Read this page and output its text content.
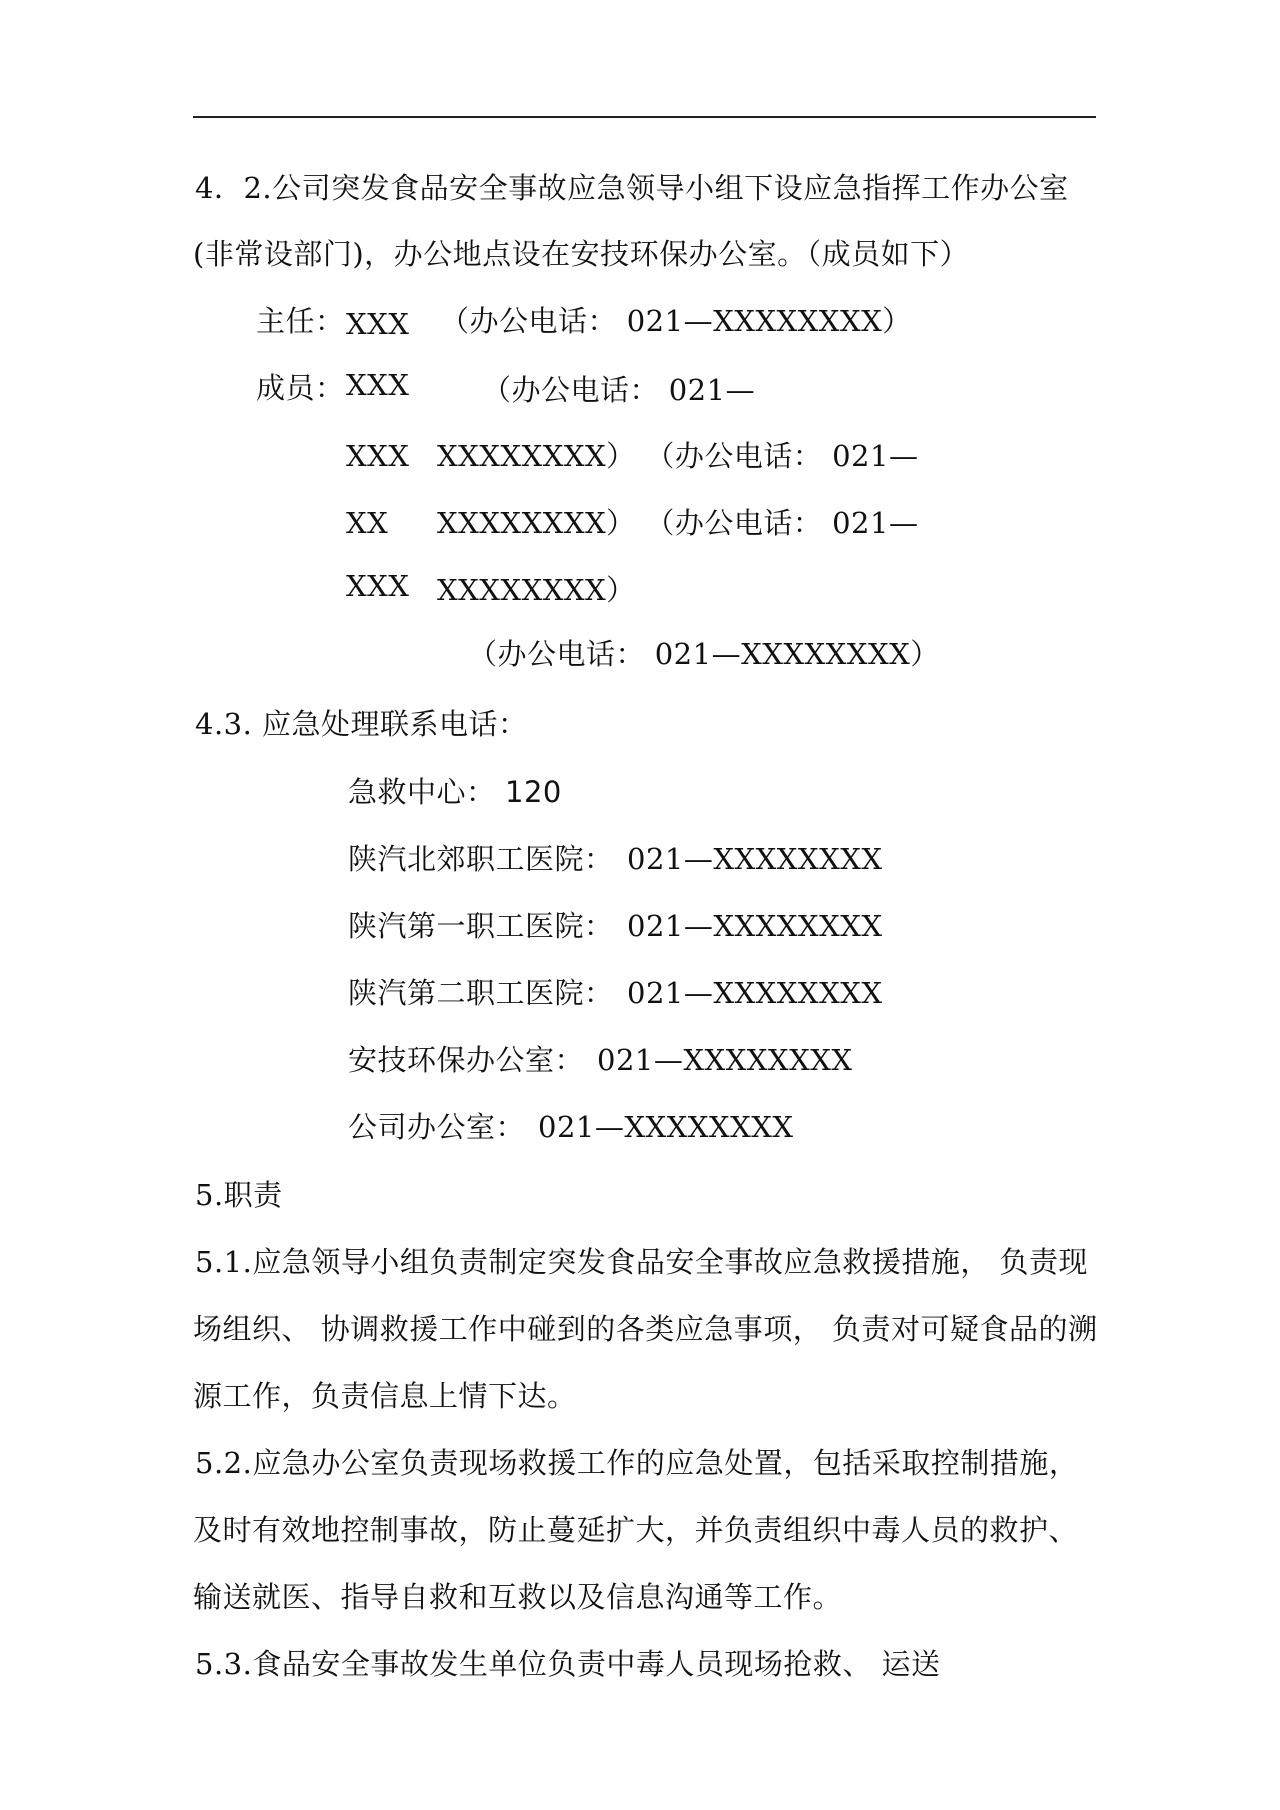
4．2.公司突发食品安全事故应急领导小组下设应急指挥工作办公室
(非常设部门)，办公地点设在安技环保办公室。（成员如下）
主任： XXX （办公电话： 021—XXXXXXXX）
成员： XXX	（办公电话： 021—
XXX XXXXXXXX） （办公电话： 021—
XX XXXXXXXX） （办公电话： 021—
XXX XXXXXXXX）
（办公电话： 021—XXXXXXXX）
4.3. 应急处理联系电话：
急救中心： 120
陕汽北郊职工医院： 021—XXXXXXXX
陕汽第一职工医院： 021—XXXXXXXX
陕汽第二职工医院： 021—XXXXXXXX
安技环保办公室： 021—XXXXXXXX
公司办公室： 021—XXXXXXXX
5.职责
5.1.应急领导小组负责制定突发食品安全事故应急救援措施， 负责现
场组织、 协调救援工作中碰到的各类应急事项， 负责对可疑食品的溯
源工作，负责信息上情下达。
5.2.应急办公室负责现场救援工作的应急处置，包括采取控制措施，
及时有效地控制事故，防止蔓延扩大，并负责组织中毒人员的救护、
输送就医、指导自救和互救以及信息沟通等工作。
5.3.食品安全事故发生单位负责中毒人员现场抢救、 运送
